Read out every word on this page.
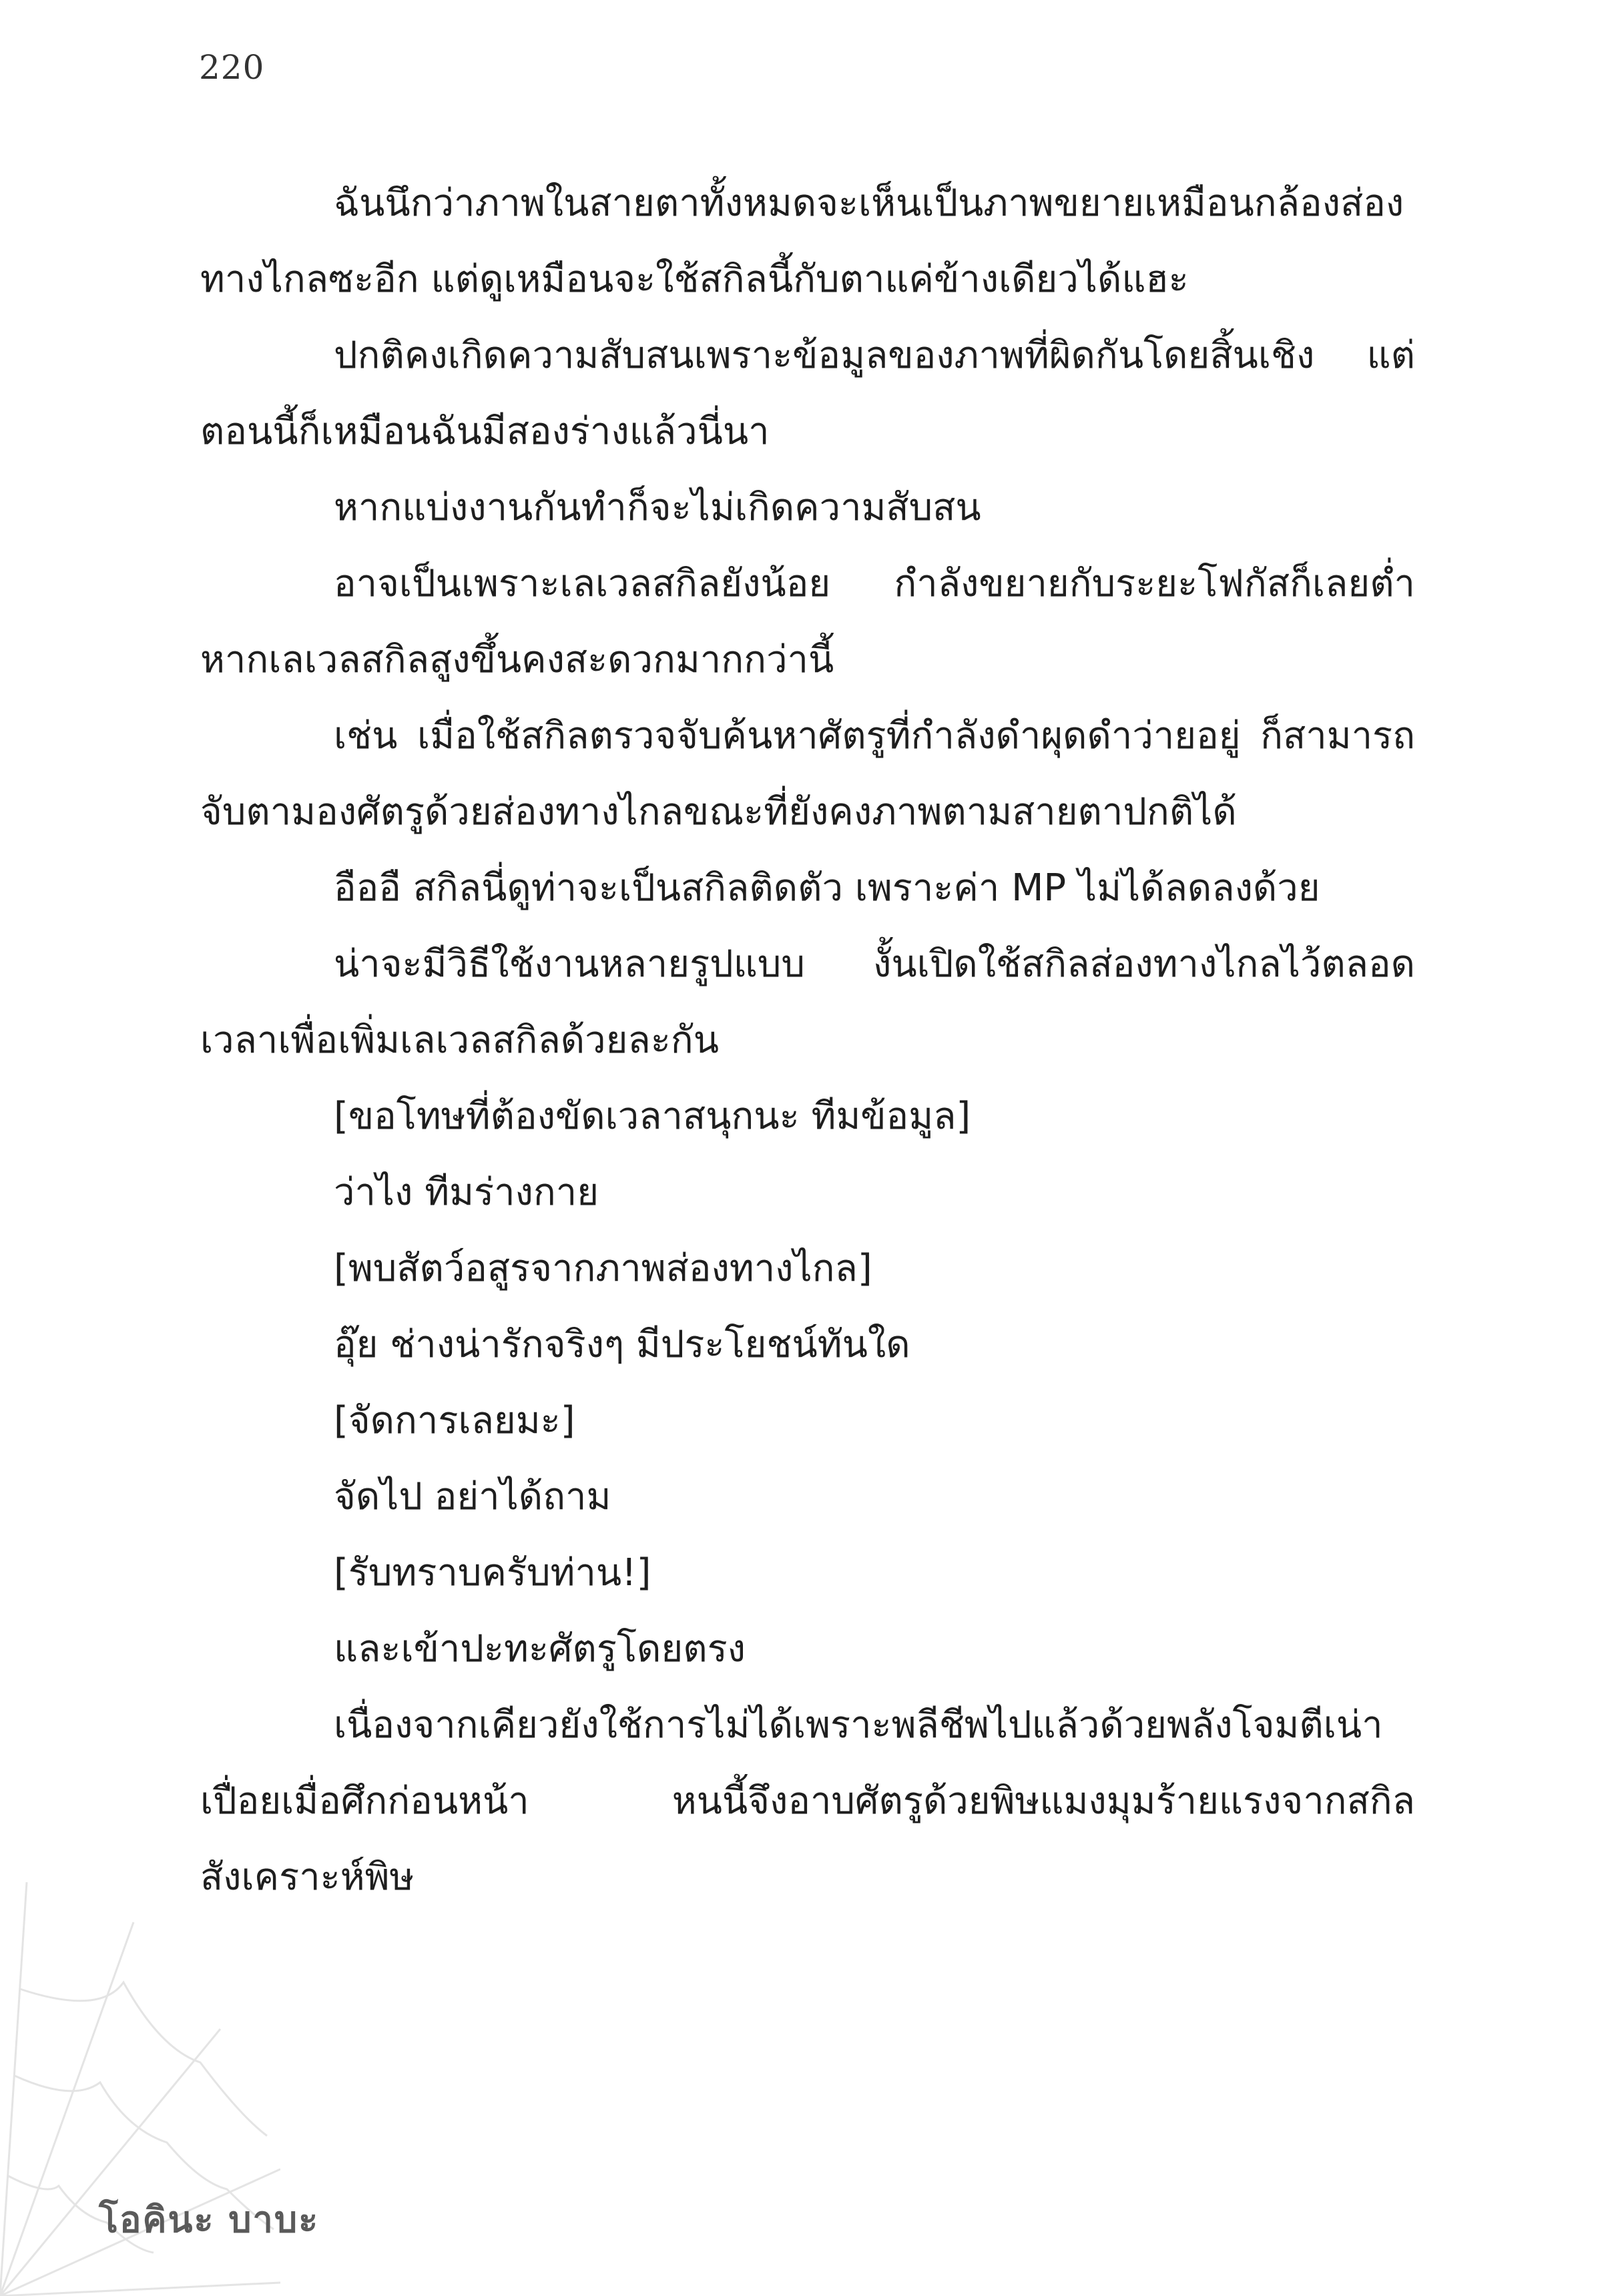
220

ฉันนึกว่าภาพในสายตาทั้งหมดจะเห็นเป็นภาพขยายเหมือนกล้องส่องทางไกลซะอีก แต่ดูเหมือนจะใช้สกิลนี้กับตาแค่ข้างเดียวได้แฮะ

ปกติคงเกิดความสับสนเพราะข้อมูลของภาพที่ผิดกันโดยสิ้นเชิง แต่ตอนนี้ก็เหมือนฉันมีสองร่างแล้วนี่นา

หากแบ่งงานกันทำก็จะไม่เกิดความสับสน

อาจเป็นเพราะเลเวลสกิลยังน้อย กำลังขยายกับระยะโฟกัสก็เลยต่ำ หากเลเวลสกิลสูงขึ้นคงสะดวกมากกว่านี้

เช่น เมื่อใช้สกิลตรวจจับค้นหาศัตรูที่กำลังดำผุดดำว่ายอยู่ ก็สามารถจับตามองศัตรูด้วยส่องทางไกลขณะที่ยังคงภาพตามสายตาปกติได้

อืออื สกิลนี่ดูท่าจะเป็นสกิลติดตัว เพราะค่า MP ไม่ได้ลดลงด้วย

น่าจะมีวิธีใช้งานหลายรูปแบบ งั้นเปิดใช้สกิลส่องทางไกลไว้ตลอดเวลาเพื่อเพิ่มเลเวลสกิลด้วยละกัน

[ขอโทษที่ต้องขัดเวลาสนุกนะ ทีมข้อมูล]

ว่าไง ทีมร่างกาย

[พบสัตว์อสูรจากภาพส่องทางไกล]

อุ๊ย ช่างน่ารักจริงๆ มีประโยชน์ทันใด

[จัดการเลยมะ]

จัดไป อย่าได้ถาม

[รับทราบครับท่าน!]

และเข้าปะทะศัตรูโดยตรง

เนื่องจากเคียวยังใช้การไม่ได้เพราะพลีชีพไปแล้วด้วยพลังโจมตีเน่าเปื่อยเมื่อศึกก่อนหน้า หนนี้จึงอาบศัตรูด้วยพิษแมงมุมร้ายแรงจากสกิลสังเคราะห์พิษ

โอคินะ บาบะ
